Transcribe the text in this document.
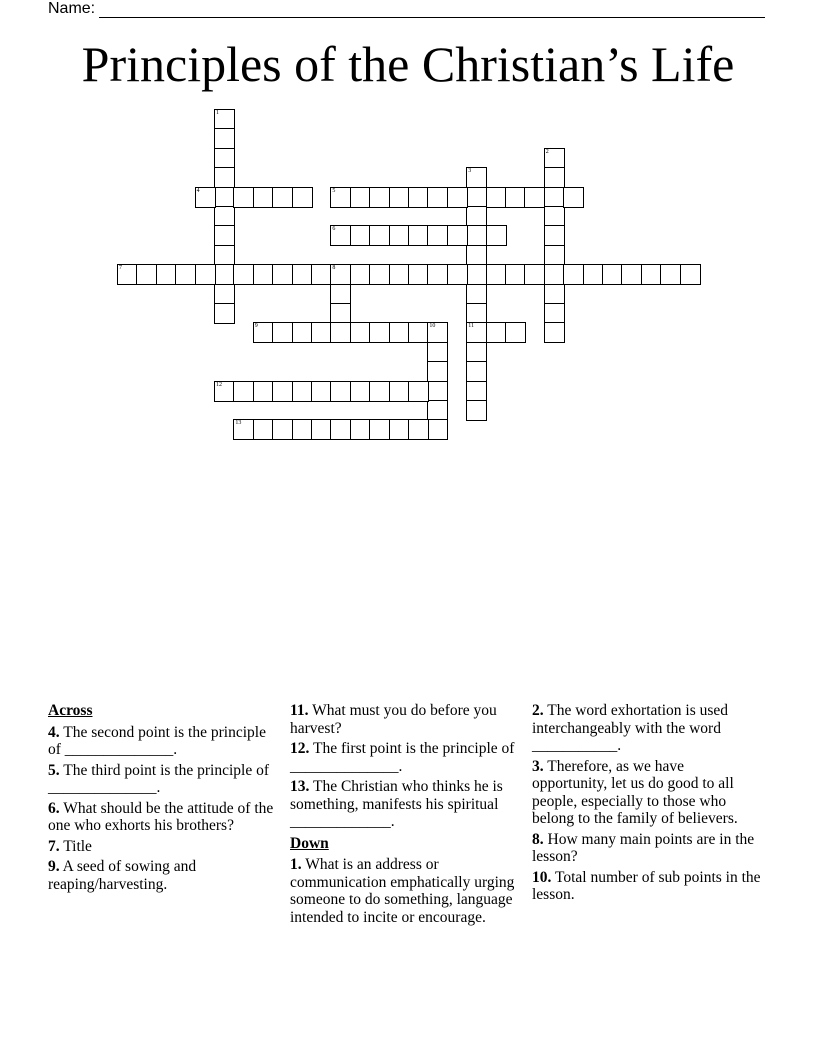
Name:
Principles of the Christian’s Life
1
2
3
4	5
6
7	8
9	10	11
12
13
Across
4. The second point is the principle of ______________.
5. The third point is the principle of ______________.
6. What should be the attitude of the one who exhorts his brothers?
7. Title
9. A seed of sowing and reaping/harvesting.
11. What must you do before you harvest?
12. The first point is the principle of ______________.
13. The Christian who thinks he is something, manifests his spiritual _____________.
Down
1. What is an address or communication emphatically urging someone to do something, language intended to incite or encourage.
2. The word exhortation is used interchangeably with the word ___________.
3. Therefore, as we have opportunity, let us do good to all people, especially to those who belong to the family of believers.
8. How many main points are in the lesson?
10. Total number of sub points in the lesson.
